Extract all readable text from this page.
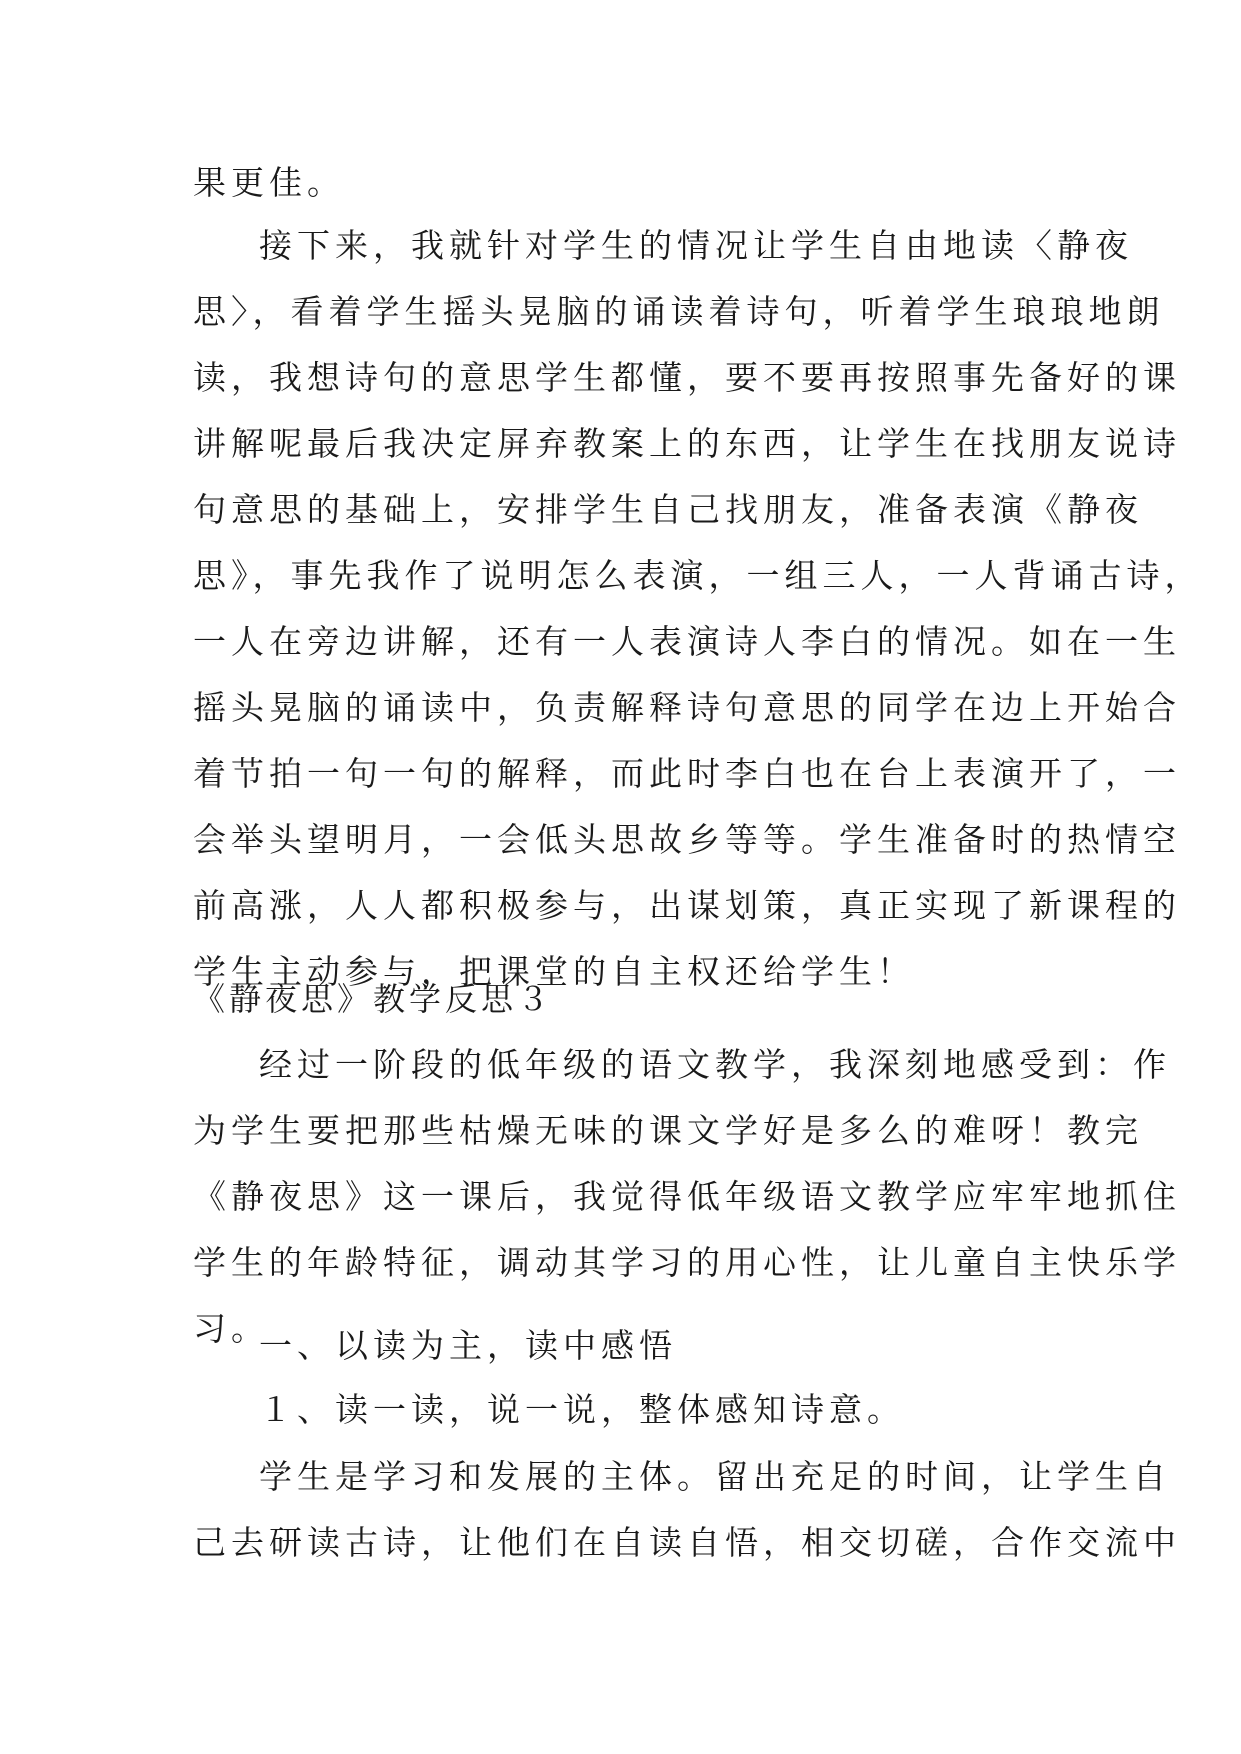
果更佳。
接下来，我就针对学生的情况让学生自由地读〈静夜
思〉，看着学生摇头晃脑的诵读着诗句，听着学生琅琅地朗
读，我想诗句的意思学生都懂，要不要再按照事先备好的课
讲解呢最后我决定屏弃教案上的东西，让学生在找朋友说诗
句意思的基础上，安排学生自己找朋友，准备表演《静夜
思》，事先我作了说明怎么表演，一组三人，一人背诵古诗，
一人在旁边讲解，还有一人表演诗人李白的情况。如在一生
摇头晃脑的诵读中，负责解释诗句意思的同学在边上开始合
着节拍一句一句的解释，而此时李白也在台上表演开了，一
会举头望明月，一会低头思故乡等等。学生准备时的热情空
前高涨，人人都积极参与，出谋划策，真正实现了新课程的
学生主动参与，把课堂的自主权还给学生！
《静夜思》教学反思３
经过一阶段的低年级的语文教学，我深刻地感受到：作
为学生要把那些枯燥无味的课文学好是多么的难呀！教完
《静夜思》这一课后，我觉得低年级语文教学应牢牢地抓住
学生的年龄特征，调动其学习的用心性，让儿童自主快乐学
习。
一、以读为主，读中感悟
１、读一读，说一说，整体感知诗意。
学生是学习和发展的主体。留出充足的时间，让学生自
己去研读古诗，让他们在自读自悟，相交切磋，合作交流中
